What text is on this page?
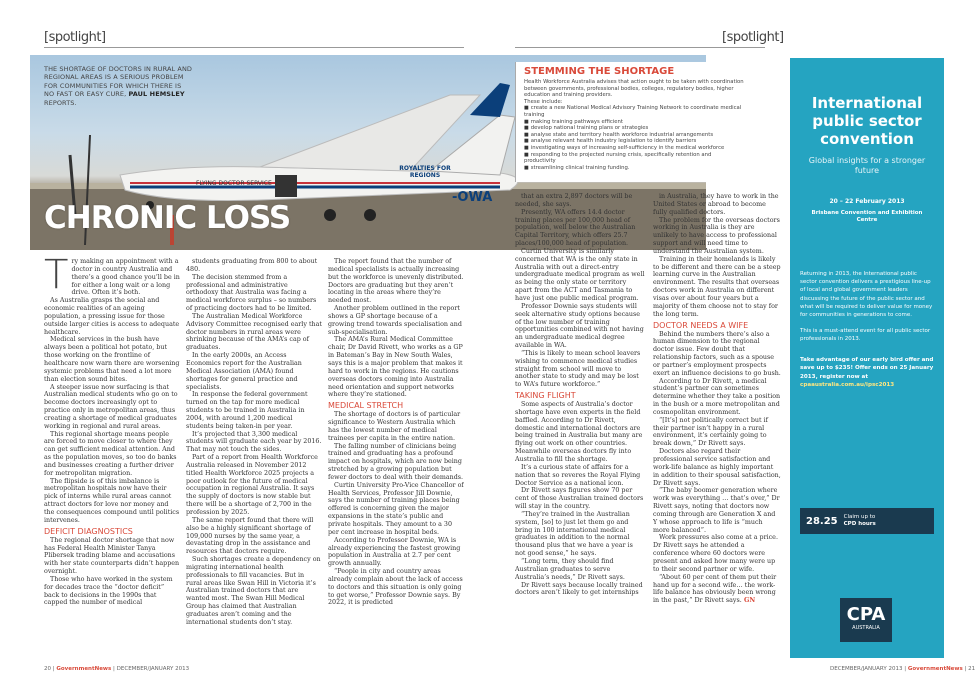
[spotlight]	[spotlight]
FLYING DOCTOR SERVICE
ROYALTIES FOR REGIONS
-OWA
THE SHORTAGE OF DOCTORS IN RURAL AND REGIONAL AREAS IS A SERIOUS PROBLEM FOR COMMUNITIES FOR WHICH THERE IS NO FAST OR EASY CURE, PAUL HEMSLEY REPORTS.
CHRONIC LOSS
T ry making an appointment with a doctor in country Australia and there’s a good chance you’ll be in for either a long wait or a long drive. Often it’s both.

As Australia grasps the social and economic realities of an ageing population, a pressing issue for those outside larger cities is access to adequate healthcare.

Medical services in the bush have always been a political hot potato, but those working on the frontline of healthcare now warn there are worsening systemic problems that need a lot more than election sound bites.

A steeper issue now surfacing is that Australian medical students who go on to become doctors increasingly opt to practice only in metropolitan areas, thus creating a shortage of medical graduates working in regional and rural areas.

This regional shortage means people are forced to move closer to where they can get sufficient medical attention. And as the population moves, so too do banks and businesses creating a further driver for metropolitan migration.

The flipside is of this imbalance is metropolitan hospitals now have their pick of interns while rural areas cannot attract doctors for love nor money and the consequences compound until politics intervenes.

DEFICIT DIAGNOSTICS

The regional doctor shortage that now has Federal Health Minister Tanya Plibersek trading blame and accusations with her state counterparts didn’t happen overnight.

Those who have worked in the system for decades trace the “doctor deficit” back to decisions in the 1990s that capped the number of medical

students graduating from 800 to about 480.

The decision stemmed from a professional and administrative orthodoxy that Australia was facing a medical workforce surplus – so numbers of practicing doctors had to be limited.

The Australian Medical Workforce Advisory Committee recognised early that doctor numbers in rural areas were shrinking because of the AMA’s cap of graduates.

In the early 2000s, an Access Economics report for the Australian Medical Association (AMA) found shortages for general practice and specialists.

In response the federal government turned on the tap for more medical students to be trained in Australia in 2004, with around 1,200 medical students being taken-in per year.

It’s projected that 3,300 medical students will graduate each year by 2016. That may not touch the sides.

Part of a report from Health Workforce Australia released in November 2012 titled Health Workforce 2025 projects a poor outlook for the future of medical occupation in regional Australia. It says the supply of doctors is now stable but there will be a shortage of 2,700 in the profession by 2025.

The same report found that there will also be a highly significant shortage of 109,000 nurses by the same year, a devastating drop in the assistance and resources that doctors require.

Such shortages create a dependency on migrating international health professionals to fill vacancies. But in rural areas like Swan Hill in Victoria it’s Australian trained doctors that are wanted most. The Swan Hill Medical Group has claimed that Australian graduates aren’t coming and the international students don’t stay.

The report found that the number of medical specialists is actually increasing but the workforce is unevenly distributed. Doctors are graduating but they aren’t locating in the areas where they’re needed most.

Another problem outlined in the report shows a GP shortage because of a growing trend towards specialisation and sub-specialisation.

The AMA’s Rural Medical Committee chair, Dr David Rivett, who works as a GP in Bateman’s Bay in New South Wales, says this is a major problem that makes it hard to work in the regions. He cautions overseas doctors coming into Australia need orientation and support networks where they’re stationed.

MEDICAL STRETCH

The shortage of doctors is of particular significance to Western Australia which has the lowest number of medical trainees per capita in the entire nation.

The falling number of clinicians being trained and graduating has a profound impact on hospitals, which are now being stretched by a growing population but fewer doctors to deal with their demands.

Curtin University Pro-Vice Chancellor of Health Services, Professor Jill Downie, says the number of training places being offered is concerning given the major expansions in the state’s public and private hospitals. They amount to a 30 per cent increase in hospital beds.

According to Professor Downie, WA is already experiencing the fastest growing population in Australia at 2.7 per cent growth annually.

“People in city and country areas already complain about the lack of access to doctors and this situation is only going to get worse,” Professor Downie says. By 2022, it is predicted

STEMMING THE SHORTAGE
Health Workforce Australia advises that action ought to be taken with coordination between governments, professional bodies, colleges, regulatory bodies, higher education and training providers.
These include:
■ create a new National Medical Advisory Training Network to coordinate medical training
■ making training pathways efficient
■ develop national training plans or strategies
■ analyse state and territory health workforce industrial arrangements
■ analyse relevant health industry legislation to identify barriers
■ investigating ways of increasing self-sufficiency in the medical workforce
■ responding to the projected nursing crisis, specifically retention and productivity
■ streamlining clinical training funding.

that an extra 2,897 doctors will be needed, she says.

Presently, WA offers 14.4 doctor training places per 100,000 head of population, well below the Australian Capital Territory, which offers 25.7 places/100,000 head of population.

Curtin University is similarly concerned that WA is the only state in Australia with out a direct-entry undergraduate medical program as well as being the only state or territory apart from the ACT and Tasmania to have just one public medical program.

Professor Downie says students will seek alternative study options because of the low number of training opportunities combined with not having an undergraduate medical degree available in WA.

“This is likely to mean school leavers wishing to commence medical studies straight from school will move to another state to study and may be lost to WA’s future workforce.”

TAKING FLIGHT

Some aspects of Australia’s doctor shortage have even experts in the field baffled. According to Dr Rivett, domestic and international doctors are being trained in Australia but many are flying out work on other countries. Meanwhile overseas doctors fly into Australia to fill the shortage.

It’s a curious state of affairs for a nation that so reveres the Royal Flying Doctor Service as a national icon.

Dr Rivett says figures show 70 per cent of those Australian trained doctors will stay in the country.

“They’re trained in the Australian system, [so] to just let them go and bring in 100 international medical graduates in addition to the normal thousand plus that we have a year is not good sense,” he says.

“Long term, they should find Australian graduates to serve Australia’s needs,” Dr Rivett says.

Dr Rivett says because locally trained doctors aren’t likely to get internships

in Australia, they have to work in the United States or abroad to become fully qualified doctors.

The problem for the overseas doctors working in Australia is they are unlikely to have access to professional support and will need time to understand the Australian system.

Training in their homelands is likely to be different and there can be a steep learning curve in the Australian environment. The results that overseas doctors work in Australia on different visas over about four years but a majority of them choose not to stay for the long term.

DOCTOR NEEDS A WIFE

Behind the numbers there’s also a human dimension to the regional doctor issue. Few doubt that relationship factors, such as a spouse or partner’s employment prospects exert an influence decisions to go bush.

According to Dr Rivett, a medical student’s partner can sometimes determine whether they take a position in the bush or a more metropolitan and cosmopolitan environment.

“[It’s] not politically correct but if their partner isn’t happy in a rural environment, it’s certainly going to break down,” Dr Rivett says.

Doctors also regard their professional service satisfaction and work-life balance as highly important in addition to their spousal satisfaction, Dr Rivett says.

“The baby boomer generation where work was everything … that’s over,” Dr Rivett says, noting that doctors now coming through are Generation X and Y whose approach to life is “much more balanced”.

Work pressures also come at a price. Dr Rivett says he attended a conference where 60 doctors were present and asked how many were up to their second partner or wife.

“About 60 per cent of them put their hand up for a second wife… the work-life balance has obviously been wrong in the past,” Dr Rivett says. GN

International public sector convention
Global insights for a stronger future
20 – 22 February 2013
Brisbane Convention and Exhibition Centre
Returning in 2013, the International public sector convention delivers a prestigious line-up of local and global government leaders discussing the future of the public sector and what will be required to deliver value for money for communities in generations to come.
This is a must-attend event for all public sector professionals in 2013.
Take advantage of our early bird offer and save up to $235! Offer ends on 25 January 2013, register now at cpaaustralia.com.au/ipsc2013
28.25 Claim up to
CPD hours
CPA
AUSTRALIA
20 | GovernmentNews | DECEMBER/JANUARY 2013	DECEMBER/JANUARY 2013 | GovernmentNews | 21
